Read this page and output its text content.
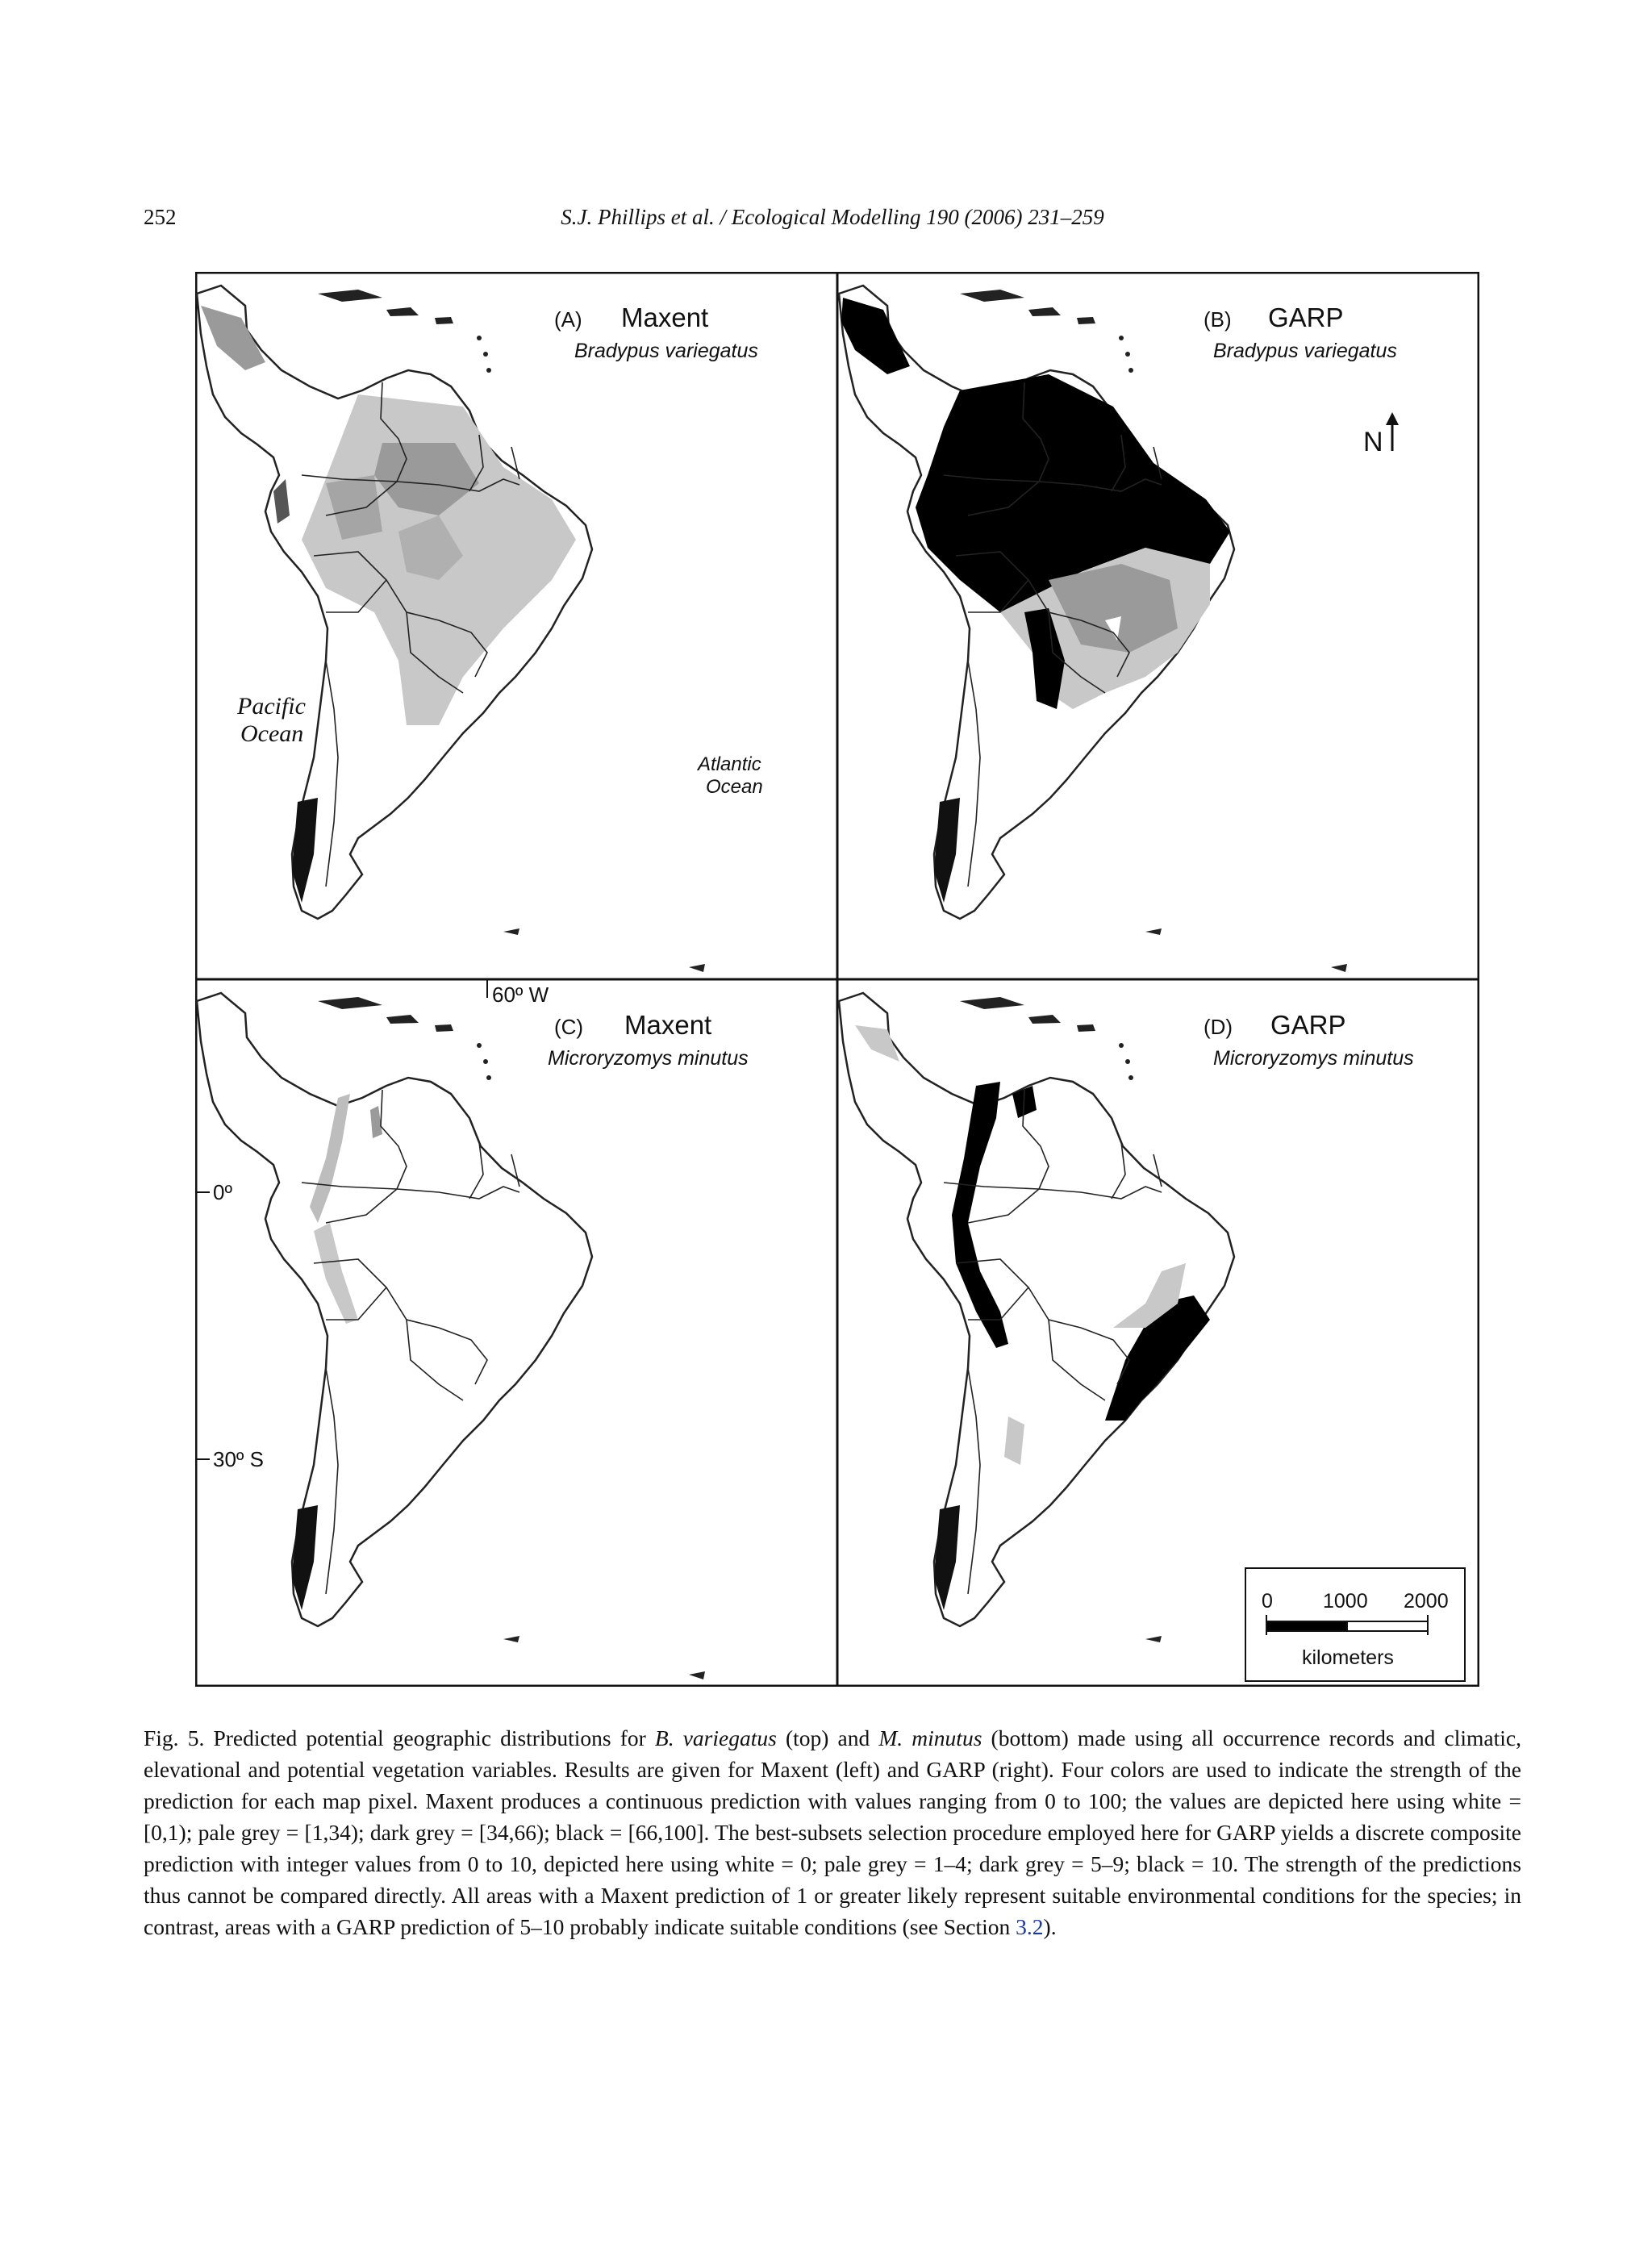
252	S.J. Phillips et al. / Ecological Modelling 190 (2006) 231–259
(A) Maxent
Bradypus variegatus
(B) GARP
Bradypus variegatus
(C) Maxent
Microryzomys minutus
(D) GARP
Microryzomys minutus
Pacific
Ocean
Atlantic
Ocean
N
60º W
0º
30º S
0 1000 2000
kilometers
Fig. 5. Predicted potential geographic distributions for B. variegatus (top) and M. minutus (bottom) made using all occurrence records and climatic, elevational and potential vegetation variables. Results are given for Maxent (left) and GARP (right). Four colors are used to indicate the strength of the prediction for each map pixel. Maxent produces a continuous prediction with values ranging from 0 to 100; the values are depicted here using white = [0,1); pale grey = [1,34); dark grey = [34,66); black = [66,100]. The best-subsets selection procedure employed here for GARP yields a discrete composite prediction with integer values from 0 to 10, depicted here using white = 0; pale grey = 1–4; dark grey = 5–9; black = 10. The strength of the predictions thus cannot be compared directly. All areas with a Maxent prediction of 1 or greater likely represent suitable environmental conditions for the species; in contrast, areas with a GARP prediction of 5–10 probably indicate suitable conditions (see Section 3.2).
